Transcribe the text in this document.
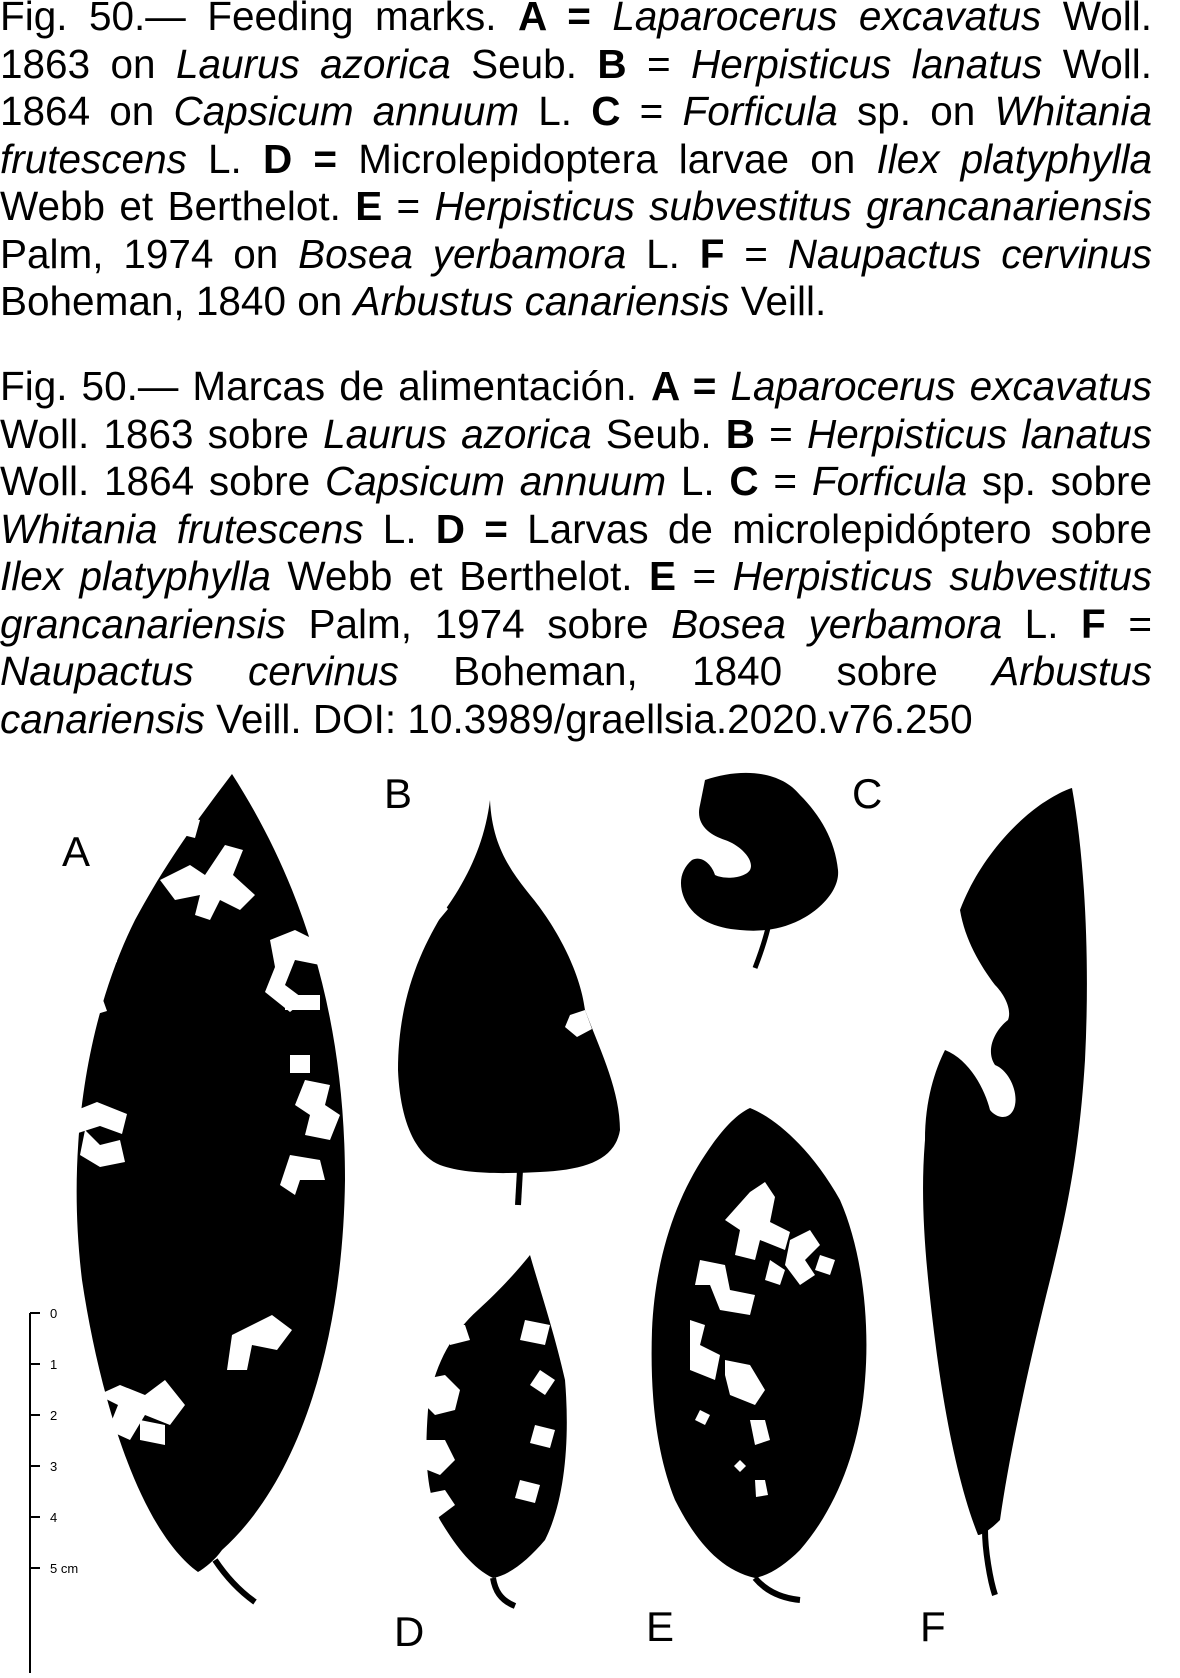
Fig. 50.— Feeding marks. A = Laparocerus excavatus Woll. 1863 on Laurus azorica Seub. B = Herpisticus lanatus Woll. 1864 on Capsicum annuum L. C = Forficula sp. on Whitania frutescens L. D = Microlepidoptera larvae on Ilex platyphylla Webb et Berthelot. E = Herpisticus subvestitus grancanariensis Palm, 1974 on Bosea yerbamora L. F = Naupactus cervinus Boheman, 1840 on Arbustus canariensis Veill.

Fig. 50.— Marcas de alimentación. A = Laparocerus excavatus Woll. 1863 sobre Laurus azorica Seub. B = Herpisticus lanatus Woll. 1864 sobre Capsicum annuum L. C = Forficula sp. sobre Whitania frutescens L. D = Larvas de microlepidóptero sobre Ilex platyphylla Webb et Berthelot. E = Herpisticus subvestitus grancanariensis Palm, 1974 sobre Bosea yerbamora L. F = Naupactus cervinus Boheman, 1840 sobre Arbustus canariensis Veill. DOI: 10.3989/graellsia.2020.v76.250

0
1
2
3
4
5 cm
A
B	C
D	E	F
